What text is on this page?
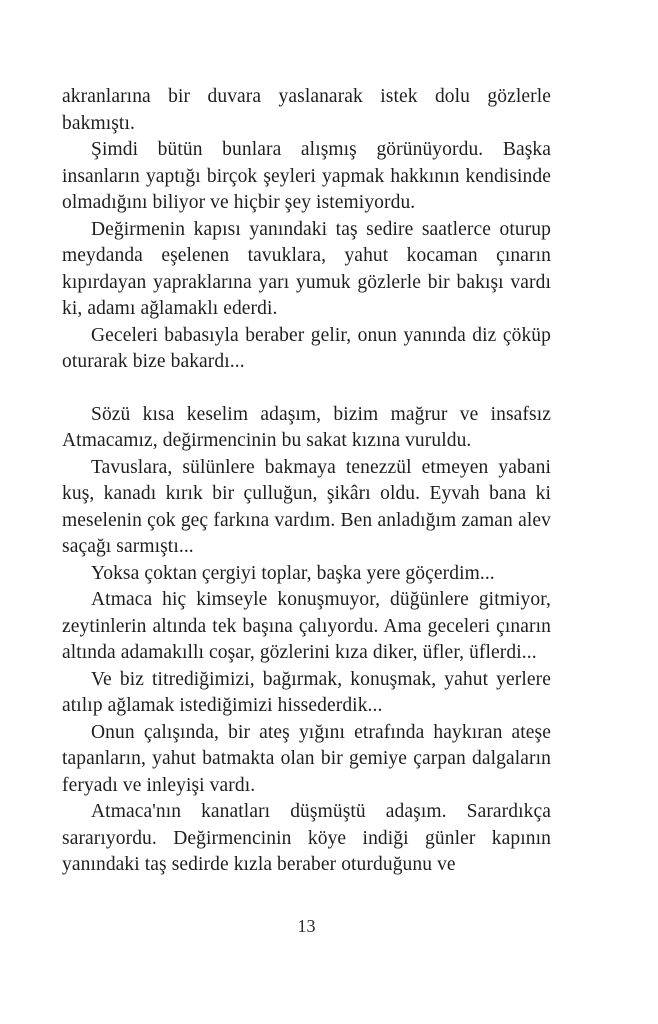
akranlarına bir duvara yaslanarak istek dolu gözlerle bakmıştı.

Şimdi bütün bunlara alışmış görünüyordu. Başka insanların yaptığı birçok şeyleri yapmak hakkının kendisinde olmadığını biliyor ve hiçbir şey istemiyordu.

Değirmenin kapısı yanındaki taş sedire saatlerce oturup meydanda eşelenen tavuklara, yahut kocaman çınarın kıpırdayan yapraklarına yarı yumuk gözlerle bir bakışı vardı ki, adamı ağlamaklı ederdi.

Geceleri babasıyla beraber gelir, onun yanında diz çöküp oturarak bize bakardı...

Sözü kısa keselim adaşım, bizim mağrur ve insafsız Atmacamız, değirmencinin bu sakat kızına vuruldu.

Tavuslara, sülünlere bakmaya tenezzül etmeyen yabani kuş, kanadı kırık bir çulluğun, şikârı oldu. Eyvah bana ki meselenin çok geç farkına vardım. Ben anladığım zaman alev saçağı sarmıştı...

Yoksa çoktan çergiyi toplar, başka yere göçerdim...

Atmaca hiç kimseyle konuşmuyor, düğünlere gitmiyor, zeytinlerin altında tek başına çalıyordu. Ama geceleri çınarın altında adamakıllı coşar, gözlerini kıza diker, üfler, üflerdi...

Ve biz titrediğimizi, bağırmak, konuşmak, yahut yerlere atılıp ağlamak istediğimizi hissederdik...

Onun çalışında, bir ateş yığını etrafında haykıran ateşe tapanların, yahut batmakta olan bir gemiye çarpan dalgaların feryadı ve inleyişi vardı.

Atmaca'nın kanatları düşmüştü adaşım. Sarardıkça sararıyordu. Değirmencinin köye indiği günler kapının yanındaki taş sedirde kızla beraber oturduğunu ve

13
